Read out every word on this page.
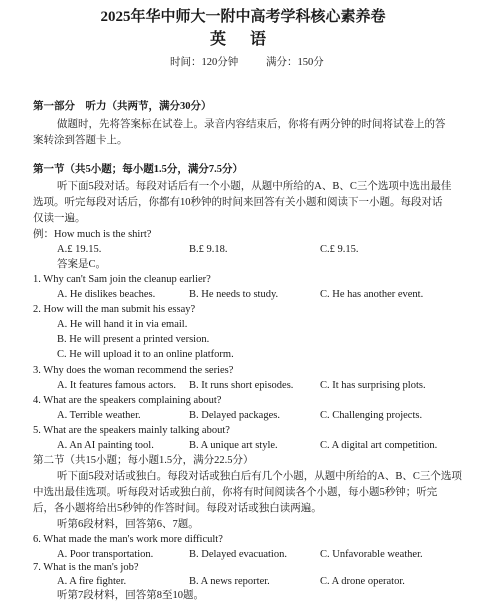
2025年华中师大一附中高考学科核心素养卷
英 语
时间：120分钟	满分：150分
第一部分　听力（共两节，满分30分）
做题时，先将答案标在试卷上。录音内容结束后，你将有两分钟的时间将试卷上的答
案转涂到答题卡上。
第一节（共5小题；每小题1.5分，满分7.5分）
听下面5段对话。每段对话后有一个小题，从题中所给的A、B、C三个选项中选出最佳
选项。听完每段对话后，你都有10秒钟的时间来回答有关小题和阅读下一小题。每段对话
仅读一遍。
例：How much is the shirt?
A.£ 19.15.	B.£ 9.18.	C.£ 9.15.
答案是C。
1. Why can't Sam join the cleanup earlier?
A. He dislikes beaches.	B. He needs to study.	C. He has another event.
2. How will the man submit his essay?
A. He will hand it in via email.
B. He will present a printed version.
C. He will upload it to an online platform.
3. Why does the woman recommend the series?
A. It features famous actors. B. It runs short episodes.	C. It has surprising plots.
4. What are the speakers complaining about?
A. Terrible weather.	B. Delayed packages.	C. Challenging projects.
5. What are the speakers mainly talking about?
A. An AI painting tool.	B. A unique art style.	C. A digital art competition.
第二节（共15小题；每小题1.5分，满分22.5分）
听下面5段对话或独白。每段对话或独白后有几个小题，从题中所给的A、B、C三个选项
中选出最佳选项。听每段对话或独白前，你将有时间阅读各个小题，每小题5秒钟；听完
后，各小题将给出5秒钟的作答时间。每段对话或独白读两遍。
听第6段材料，回答第6、7题。
6. What made the man's work more difficult?
A. Poor transportation.	B. Delayed evacuation.	C. Unfavorable weather.
7. What is the man's job?
A. A fire fighter.	B. A news reporter.	C. A drone operator.
听第7段材料，回答第8至10题。
